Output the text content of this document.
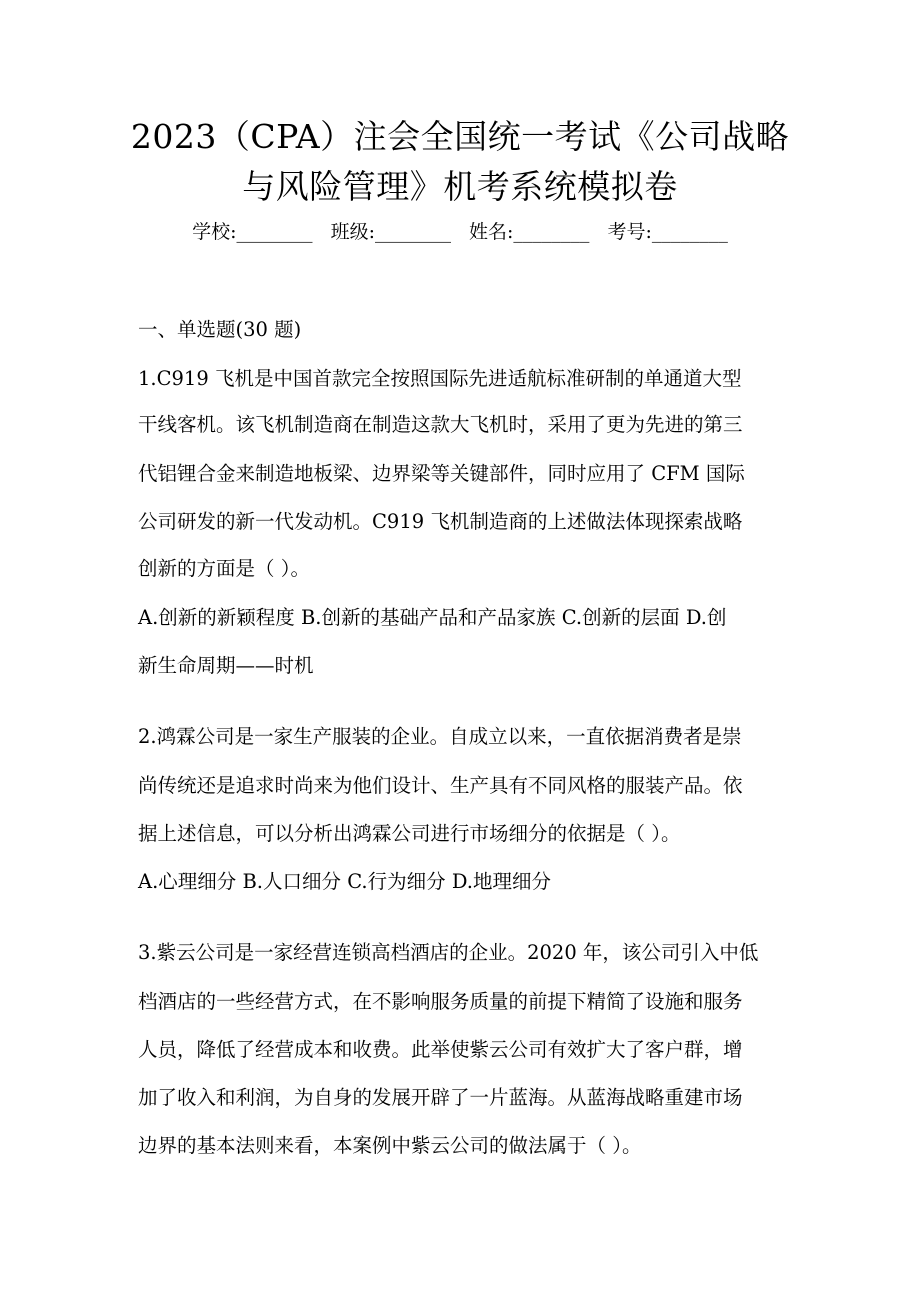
2023（CPA）注会全国统一考试《公司战略
与风险管理》机考系统模拟卷
学校:________ 班级:________ 姓名:________ 考号:________
一、单选题(30 题)
1.C919 飞机是中国首款完全按照国际先进适航标准研制的单通道大型
干线客机。该飞机制造商在制造这款大飞机时，采用了更为先进的第三
代铝锂合金来制造地板梁、边界梁等关键部件，同时应用了 CFM 国际
公司研发的新一代发动机。C919 飞机制造商的上述做法体现探索战略
创新的方面是（ ）。
A.创新的新颖程度 B.创新的基础产品和产品家族 C.创新的层面 D.创
新生命周期——时机
2.鸿霖公司是一家生产服装的企业。自成立以来，一直依据消费者是崇
尚传统还是追求时尚来为他们设计、生产具有不同风格的服装产品。依
据上述信息，可以分析出鸿霖公司进行市场细分的依据是（ ）。
A.心理细分 B.人口细分 C.行为细分 D.地理细分
3.紫云公司是一家经营连锁高档酒店的企业。2020 年，该公司引入中低
档酒店的一些经营方式，在不影响服务质量的前提下精简了设施和服务
人员，降低了经营成本和收费。此举使紫云公司有效扩大了客户群，增
加了收入和利润，为自身的发展开辟了一片蓝海。从蓝海战略重建市场
边界的基本法则来看，本案例中紫云公司的做法属于（ ）。
